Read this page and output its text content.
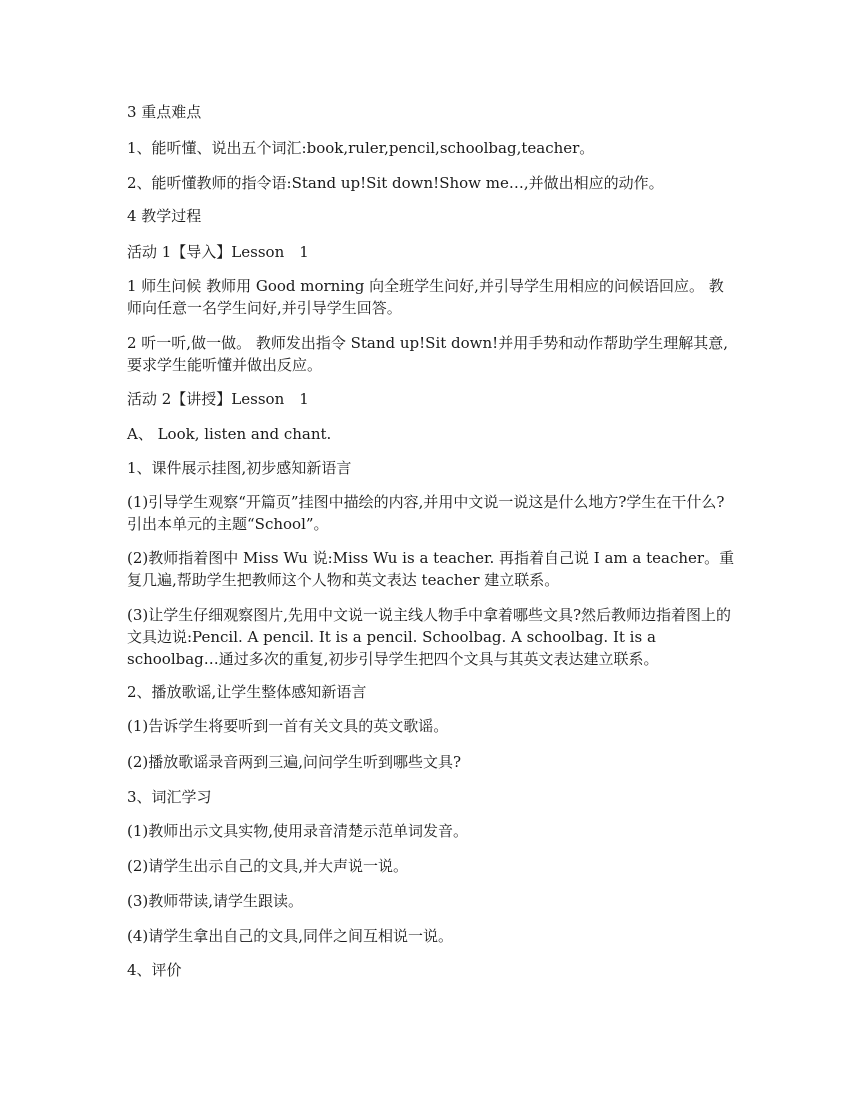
3 重点难点

1、能听懂、说出五个词汇:book,ruler,pencil,schoolbag,teacher。

2、能听懂教师的指令语:Stand up!Sit down!Show me…,并做出相应的动作。

4 教学过程

活动 1【导入】Lesson　1

1 师生问候 教师用 Good morning 向全班学生问好,并引导学生用相应的问候语回应。 教师向任意一名学生问好,并引导学生回答。

2 听一听,做一做。 教师发出指令 Stand up!Sit down!并用手势和动作帮助学生理解其意,要求学生能听懂并做出反应。

活动 2【讲授】Lesson　1

A、 Look, listen and chant.

1、课件展示挂图,初步感知新语言

(1)引导学生观察“开篇页”挂图中描绘的内容,并用中文说一说这是什么地方?学生在干什么?引出本单元的主题“School”。

(2)教师指着图中 Miss Wu 说:Miss Wu is a teacher. 再指着自己说 I am a teacher。重复几遍,帮助学生把教师这个人物和英文表达 teacher 建立联系。

(3)让学生仔细观察图片,先用中文说一说主线人物手中拿着哪些文具?然后教师边指着图上的文具边说:Pencil. A pencil. It is a pencil. Schoolbag. A schoolbag. It is a schoolbag…通过多次的重复,初步引导学生把四个文具与其英文表达建立联系。

2、播放歌谣,让学生整体感知新语言

(1)告诉学生将要听到一首有关文具的英文歌谣。

(2)播放歌谣录音两到三遍,问问学生听到哪些文具?

3、词汇学习

(1)教师出示文具实物,使用录音清楚示范单词发音。

(2)请学生出示自己的文具,并大声说一说。

(3)教师带读,请学生跟读。

(4)请学生拿出自己的文具,同伴之间互相说一说。

4、评价
